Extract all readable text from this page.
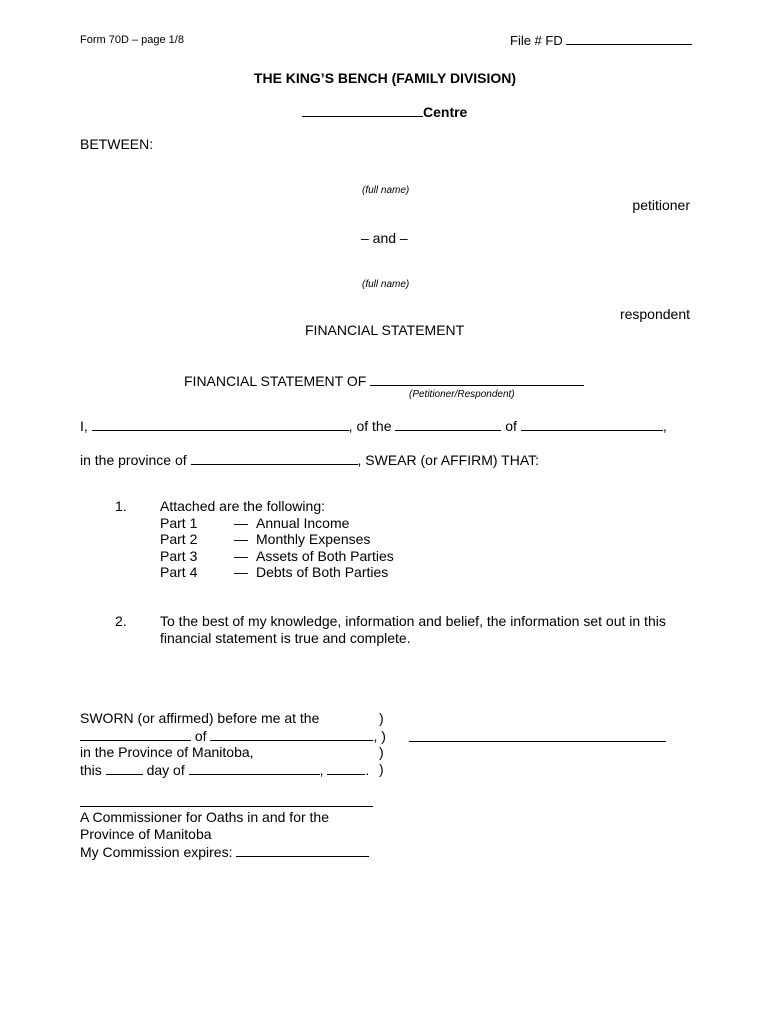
Form 70D – page 1/8	File # FD
THE KING’S BENCH (FAMILY DIVISION)
Centre
BETWEEN:
(full name)
petitioner
– and –
(full name)
respondent
FINANCIAL STATEMENT
FINANCIAL STATEMENT OF
(Petitioner/Respondent)
I,	, of the	of	,
in the province of	, SWEAR (or AFFIRM) THAT:
1. Attached are the following:
Part 1	— Annual Income
Part 2	— Monthly Expenses
Part 3	— Assets of Both Parties
Part 4	— Debts of Both Parties
2. To the best of my knowledge, information and belief, the information set out in this
financial statement is true and complete.
SWORN (or affirmed) before me at the	)
of	, )
in the Province of Manitoba,	)
this	day of	,	. )
A Commissioner for Oaths in and for the
Province of Manitoba
My Commission expires:
